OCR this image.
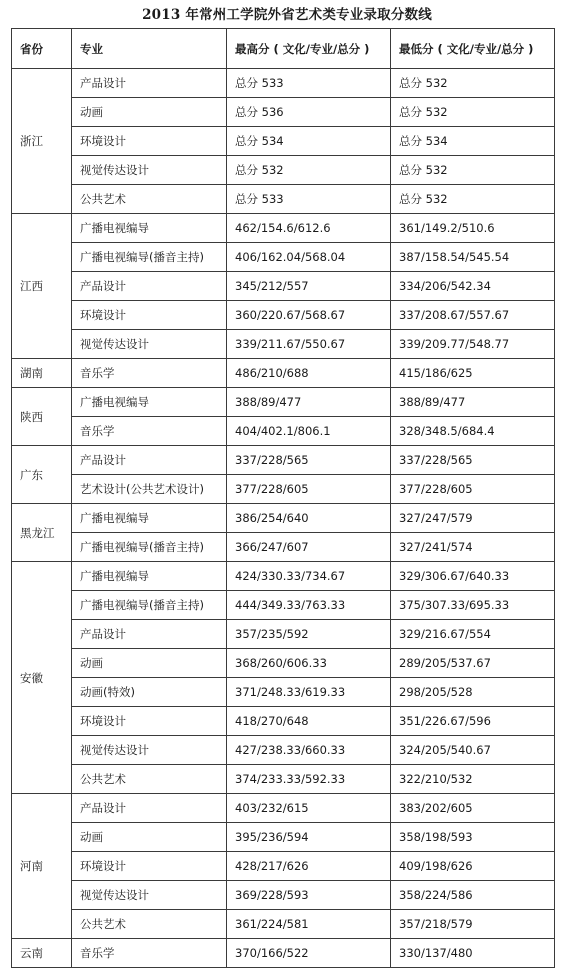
2013 年常州工学院外省艺术类专业录取分数线
省份	专业	最高分 ( 文化/专业/总分 )	最低分 ( 文化/专业/总分 )
浙江	产品设计	总分 533	总分 532
	动画	总分 536	总分 532
	环境设计	总分 534	总分 534
	视觉传达设计	总分 532	总分 532
	公共艺术	总分 533	总分 532
江西	广播电视编导	462/154.6/612.6	361/149.2/510.6
	广播电视编导(播音主持)	406/162.04/568.04	387/158.54/545.54
	产品设计	345/212/557	334/206/542.34
	环境设计	360/220.67/568.67	337/208.67/557.67
	视觉传达设计	339/211.67/550.67	339/209.77/548.77
湖南	音乐学	486/210/688	415/186/625
陕西	广播电视编导	388/89/477	388/89/477
	音乐学	404/402.1/806.1	328/348.5/684.4
广东	产品设计	337/228/565	337/228/565
	艺术设计(公共艺术设计)	377/228/605	377/228/605
黑龙江	广播电视编导	386/254/640	327/247/579
	广播电视编导(播音主持)	366/247/607	327/241/574
安徽	广播电视编导	424/330.33/734.67	329/306.67/640.33
	广播电视编导(播音主持)	444/349.33/763.33	375/307.33/695.33
	产品设计	357/235/592	329/216.67/554
	动画	368/260/606.33	289/205/537.67
	动画(特效)	371/248.33/619.33	298/205/528
	环境设计	418/270/648	351/226.67/596
	视觉传达设计	427/238.33/660.33	324/205/540.67
	公共艺术	374/233.33/592.33	322/210/532
河南	产品设计	403/232/615	383/202/605
	动画	395/236/594	358/198/593
	环境设计	428/217/626	409/198/626
	视觉传达设计	369/228/593	358/224/586
	公共艺术	361/224/581	357/218/579
云南	音乐学	370/166/522	330/137/480
